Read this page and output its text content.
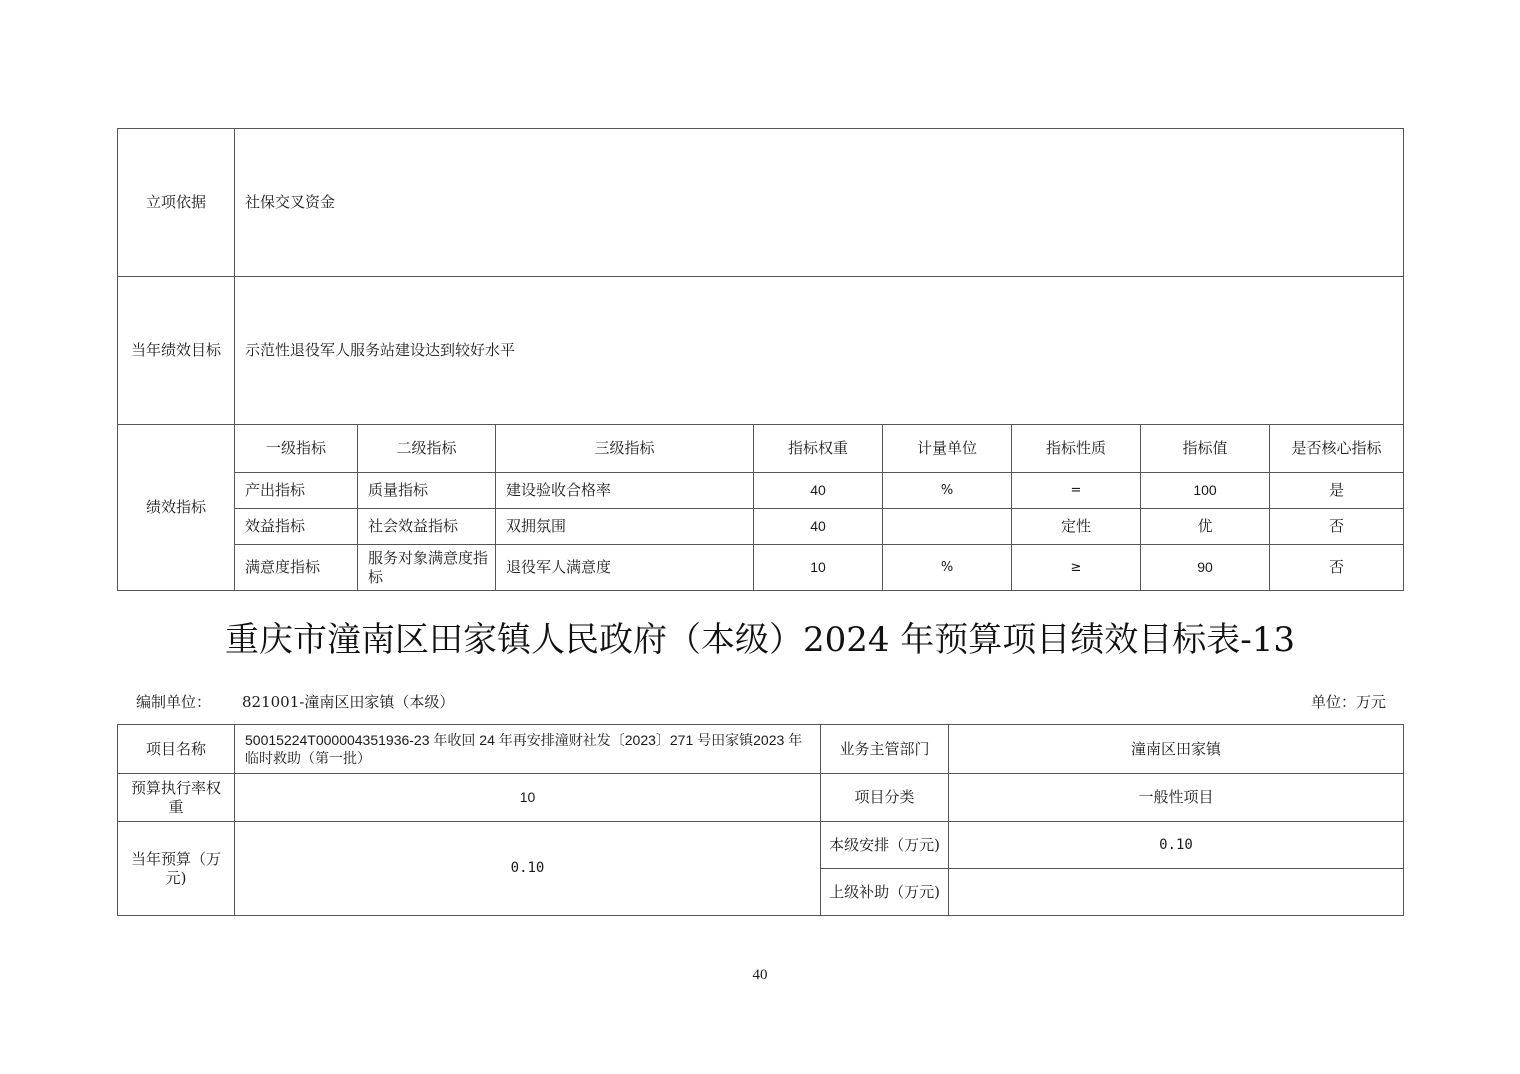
立项依据	社保交叉资金							
当年绩效目标	示范性退役军人服务站建设达到较好水平							
绩效指标	一级指标	二级指标	三级指标	指标权重	计量单位	指标性质	指标值	是否核心指标
	产出指标	质量指标	建设验收合格率	40	%	=	100	是
	效益指标	社会效益指标	双拥氛围	40		定性	优	否
	满意度指标	服务对象满意度指标	退役军人满意度	10	%	≥	90	否
重庆市潼南区田家镇人民政府（本级）2024 年预算项目绩效目标表-13
编制单位： 821001-潼南区田家镇（本级）	单位：万元
项目名称	50015224T000004351936-23 年收回 24 年再安排潼财社发〔2023〕271 号田家镇2023 年临时救助（第一批）	业务主管部门	潼南区田家镇
预算执行率权重	10	项目分类	一般性项目
当年预算（万元)	0.10	本级安排（万元)	0.10
		上级补助（万元)	
40
